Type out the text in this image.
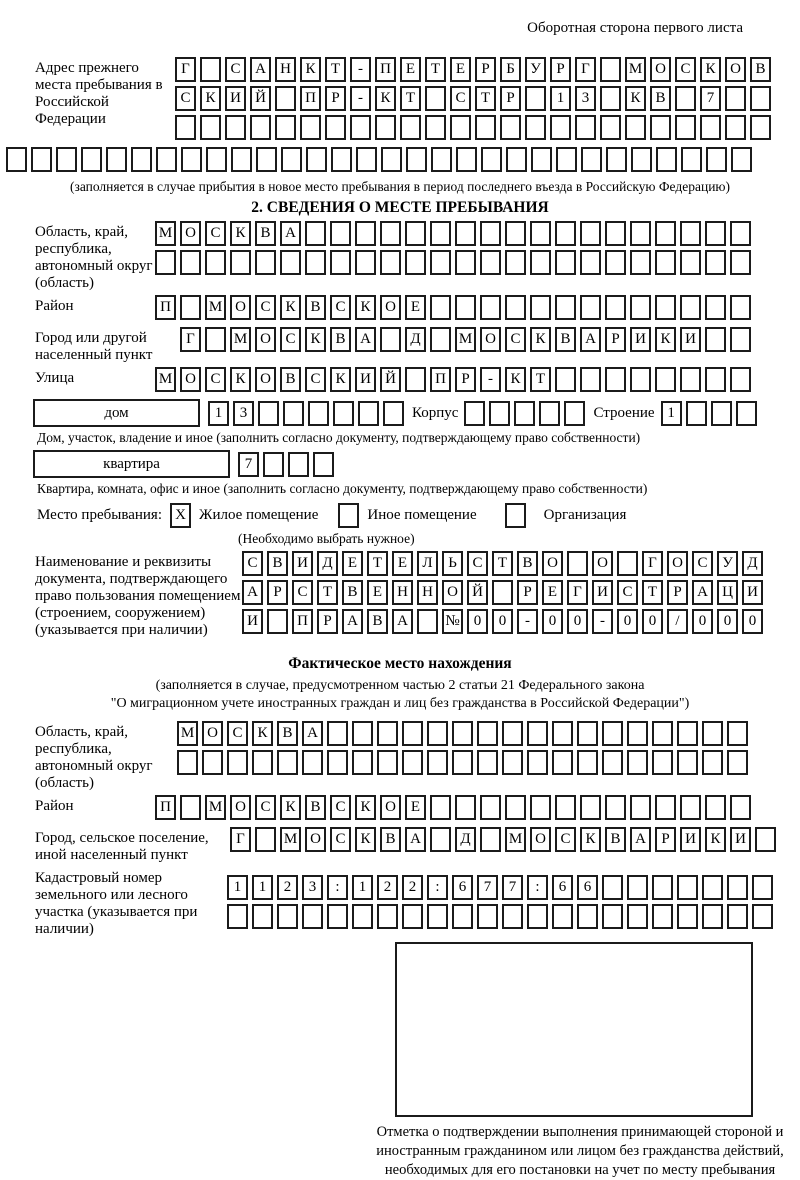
Оборотная сторона первого листа
Адрес прежнего места пребывания в Российской Федерации
Г	С А Н К	Т	-	П Е	Т	Е	Р	Б	У	Р	Г	М О С К О В
С К И Й	П	Р	-	К	Т	С	Т	Р	1	3	К В	7
(заполняется в случае прибытия в новое место пребывания в период последнего въезда в Российскую Федерацию)
2. СВЕДЕНИЯ О МЕСТЕ ПРЕБЫВАНИЯ
Область, край, республика, автономный округ (область)
М О С К В А
Район	П	М О С К В С К О Е
Город или другой населенный пункт
Г	М О С К В А	Д	М О С К В А	Р	И К И
Улица	М О С К О В С К И Й	П	Р	-	К	Т
дом	1	3	Корпус	Строение 1
Дом, участок, владение и иное (заполнить согласно документу, подтверждающему право собственности)
квартира	7
Квартира, комната, офис и иное (заполнить согласно документу, подтверждающему право собственности)
Место пребывания: X Жилое помещение	Иное помещение	Организация
(Необходимо выбрать нужное)
Наименование и реквизиты документа, подтверждающего право пользования помещением (строением, сооружением) (указывается при наличии)
С В И Д	Е	Т	Е	Л	Ь	С	Т	В О	О	Г	О С У Д
А	Р	С	Т	В	Е	Н Н О Й	Р	Е	Г	И С	Т	Р	А Ц И
И	П	Р	А В А	№ 0	0	-	0	0	-	0	0	/	0	0	0
Фактическое место нахождения
(заполняется в случае, предусмотренном частью 2 статьи 21 Федерального закона
"О миграционном учете иностранных граждан и лиц без гражданства в Российской Федерации")
Область, край, республика, автономный округ (область)
М О С К В А
Район	П	М О С К В С К О Е
Город, сельское поселение, иной населенный пункт
Г	М О С К В А	Д	М О С К В А	Р	И К И
Кадастровый номер земельного или лесного участка (указывается при наличии)
1	1	2	3	:	1	2	2	:	6	7	7	:	6	6
Отметка о подтверждении выполнения принимающей стороной и иностранным гражданином или лицом без гражданства действий, необходимых для его постановки на учет по месту пребывания
